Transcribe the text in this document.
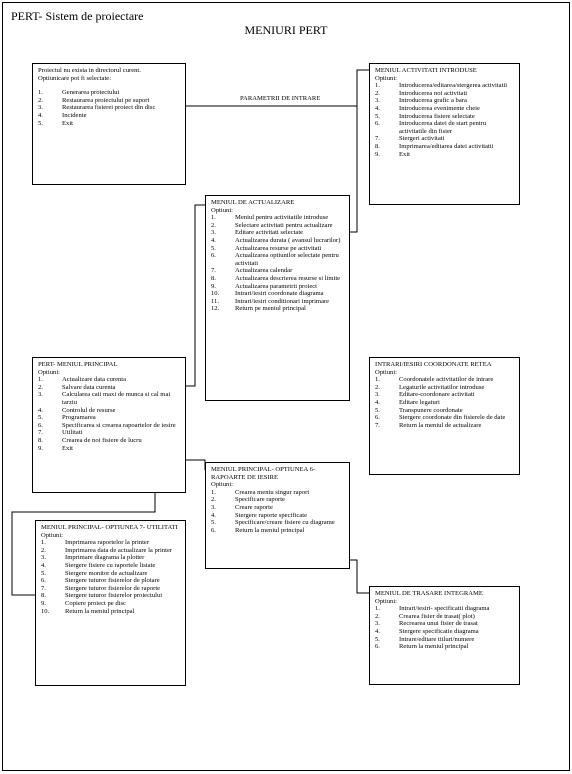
PERT- Sistem de proiectare
MENIURI PERT
PARAMETRII DE INTRARE
Proiectul nu exista in directorul curent.
Optiunicare pot fi selectate:
1.	Generarea proiectului
2.	Restaurarea proiectului pe suport
3.	Restaurarea fisierei proiect din disc
4.	Incidente
5.	Exit
MENIUL ACTIVITATI INTRODUSE
Optiuni:
1.	Introducerea/editarea/stergerea activitatii
2.	Introducerea noi activitati
3.	Introducerea grafic a bara
4.	Introducerea evenimente cheie
5.	Introducerea fisiere selectate
6.	Introducerea datei de start pentru activitatile din fisier
7.	Stergeri activitati
8.	Imprimarea/editarea datei activitatii
9.	Exit
MENIUL DE ACTUALIZARE
Optiuni:
1.	Meniul pentru activitatile introduse
2.	Selectare activitati pentru actualizare
3.	Editare activitati selectate
4.	Actualizarea durata ( avansul lucrarilor)
5.	Actualizarea resurse pe activitati
6.	Actualizarea optiunilor selectate pentru activitati
7.	Actualizarea calendar
8.	Actualizarea descrierea resurse si limite
9.	Actualizarea parametrii proiect
10.	Intrari/iesiri coordonate diagrama
11.	Intrari/iesiri conditionari imprimare
12.	Return pe meniul principal
PERT- MENIUL PRINCIPAL
Optiuni:
1.	Actualizare data curenta
2.	Salvare data curenta
3.	Calcularea caii maxi de munca si cal mai tarziu
4.	Controlul de resurse
5.	Programarea
6.	Specificarea si crearea rapoartelor de iesire
7.	Utilitati
8.	Crearea de noi fisiere de lucru
9.	Exit
INTRARI/IESIRI COORDONATE RETEA
Optiuni:
1.	Coordonatele activitatilor de intrare
2.	Legaturile activitatilor introduse
3.	Editare-coordonare activitati
4.	Editare legaturi
5.	Transpunere coordonate
6.	Stergere coordonate din fisierele de date
7.	Return la meniul de actualizare
MENIUL PRINCIPAL- OPTIUNEA 6- RAPOARTE DE IESIRE
Optiuni:
1.	Crearea meniu singur raport
2.	Specificare raporte
3.	Creare raporte
4.	Stergere raporte specificate
5.	Specificare/creare fisiere cu diagrame
6.	Return la meniul principal
MENIUL PRINCIPAL- OPTIUNEA 7- UTILITATI
Optiuni:
1.	Imprimarea raportelor la printer
2.	Imprimarea data de actualizare la printer
3.	Imprimare diagrama la plotter
4.	Stergere fisiere cu raportele listate
5.	Stergere monitor de actualizare
6.	Stergere tuturor fisierelor de plotare
7.	Stergere tuturor fisierelor de raporte
8.	Stergere tuturor fisierelor proiectului
9.	Copiere proiect pe disc
10.	Return la meniul principal
MENIUL DE TRASARE INTEGRAME
Optiuni:
1.	Intrari/iesiri- specificatii diagrama
2.	Crearea fisier de trasat( plot)
3.	Recrearea unui fisier de trasat
4.	Stergere specificatie diagrama
5.	Intrare/editare titluri/numere
6.	Return la meniul principal
